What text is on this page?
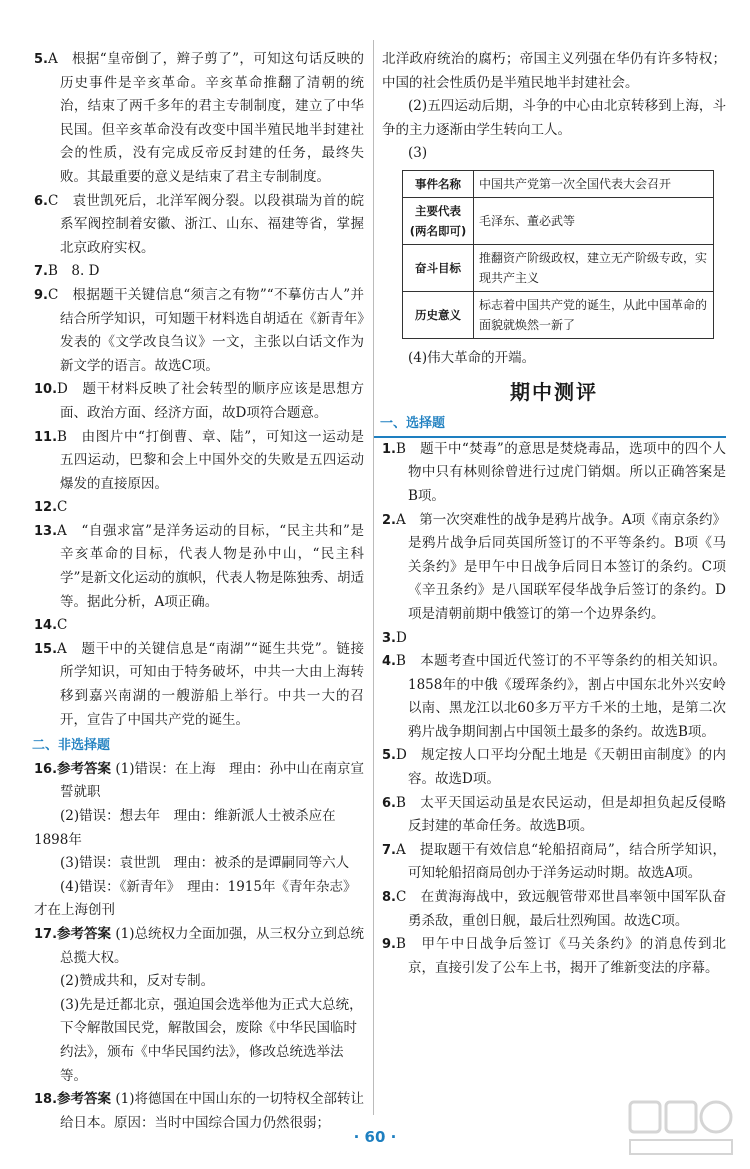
5.A　根据“皇帝倒了，辫子剪了”，可知这句话反映的历史事件是辛亥革命。辛亥革命推翻了清朝的统治，结束了两千多年的君主专制制度，建立了中华民国。但辛亥革命没有改变中国半殖民地半封建社会的性质，没有完成反帝反封建的任务，最终失败。其最重要的意义是结束了君主专制制度。

6.C　袁世凯死后，北洋军阀分裂。以段祺瑞为首的皖系军阀控制着安徽、浙江、山东、福建等省，掌握北京政府实权。

7.B　8. D

9.C　根据题干关键信息“须言之有物”“不摹仿古人”并结合所学知识，可知题干材料选自胡适在《新青年》发表的《文学改良刍议》一文，主张以白话文作为新文学的语言。故选C项。

10.D　题干材料反映了社会转型的顺序应该是思想方面、政治方面、经济方面，故D项符合题意。

11.B　由图片中“打倒曹、章、陆”，可知这一运动是五四运动，巴黎和会上中国外交的失败是五四运动爆发的直接原因。

12.C

13.A　“自强求富”是洋务运动的目标，“民主共和”是辛亥革命的目标，代表人物是孙中山，“民主科学”是新文化运动的旗帜，代表人物是陈独秀、胡适等。据此分析，A项正确。

14.C

15.A　题干中的关键信息是“南湖”“诞生共党”。链接所学知识，可知由于特务破坏，中共一大由上海转移到嘉兴南湖的一艘游船上举行。中共一大的召开，宣告了中国共产党的诞生。

二、非选择题

16.参考答案 (1)错误：在上海　理由：孙中山在南京宣誓就职

(2)错误：想去年　理由：维新派人士被杀应在1898年

(3)错误：袁世凯　理由：被杀的是谭嗣同等六人

(4)错误：《新青年》　理由：1915年《青年杂志》才在上海创刊

17.参考答案 (1)总统权力全面加强，从三权分立到总统总揽大权。

(2)赞成共和，反对专制。

(3)先是迁都北京，强迫国会选举他为正式大总统，下令解散国民党，解散国会，废除《中华民国临时约法》，颁布《中华民国约法》，修改总统选举法等。

18.参考答案 (1)将德国在中国山东的一切特权全部转让给日本。原因：当时中国综合国力仍然很弱；

北洋政府统治的腐朽；帝国主义列强在华仍有许多特权；中国的社会性质仍是半殖民地半封建社会。

(2)五四运动后期，斗争的中心由北京转移到上海，斗争的主力逐渐由学生转向工人。

(3)

事件名称	中国共产党第一次全国代表大会召开
主要代表(两名即可)	毛泽东、董必武等
奋斗目标	推翻资产阶级政权，建立无产阶级专政，实现共产主义
历史意义	标志着中国共产党的诞生，从此中国革命的面貌就焕然一新了

(4)伟大革命的开端。

期中测评
一、选择题

1.B　题干中“焚毒”的意思是焚烧毒品，选项中的四个人物中只有林则徐曾进行过虎门销烟。所以正确答案是B项。

2.A　第一次突难性的战争是鸦片战争。A项《南京条约》是鸦片战争后同英国所签订的不平等条约。B项《马关条约》是甲午中日战争后同日本签订的条约。C项《辛丑条约》是八国联军侵华战争后签订的条约。D项是清朝前期中俄签订的第一个边界条约。

3.D

4.B　本题考查中国近代签订的不平等条约的相关知识。1858年的中俄《瑷珲条约》，割占中国东北外兴安岭以南、黑龙江以北60多万平方千米的土地，是第二次鸦片战争期间割占中国领土最多的条约。故选B项。

5.D　规定按人口平均分配土地是《天朝田亩制度》的内容。故选D项。

6.B　太平天国运动虽是农民运动，但是却担负起反侵略反封建的革命任务。故选B项。

7.A　提取题干有效信息“轮船招商局”，结合所学知识，可知轮船招商局创办于洋务运动时期。故选A项。

8.C　在黄海海战中，致远舰管带邓世昌率领中国军队奋勇杀敌，重创日舰，最后壮烈殉国。故选C项。

9.B　甲午中日战争后签订《马关条约》的消息传到北京，直接引发了公车上书，揭开了维新变法的序幕。

· 60 ·
